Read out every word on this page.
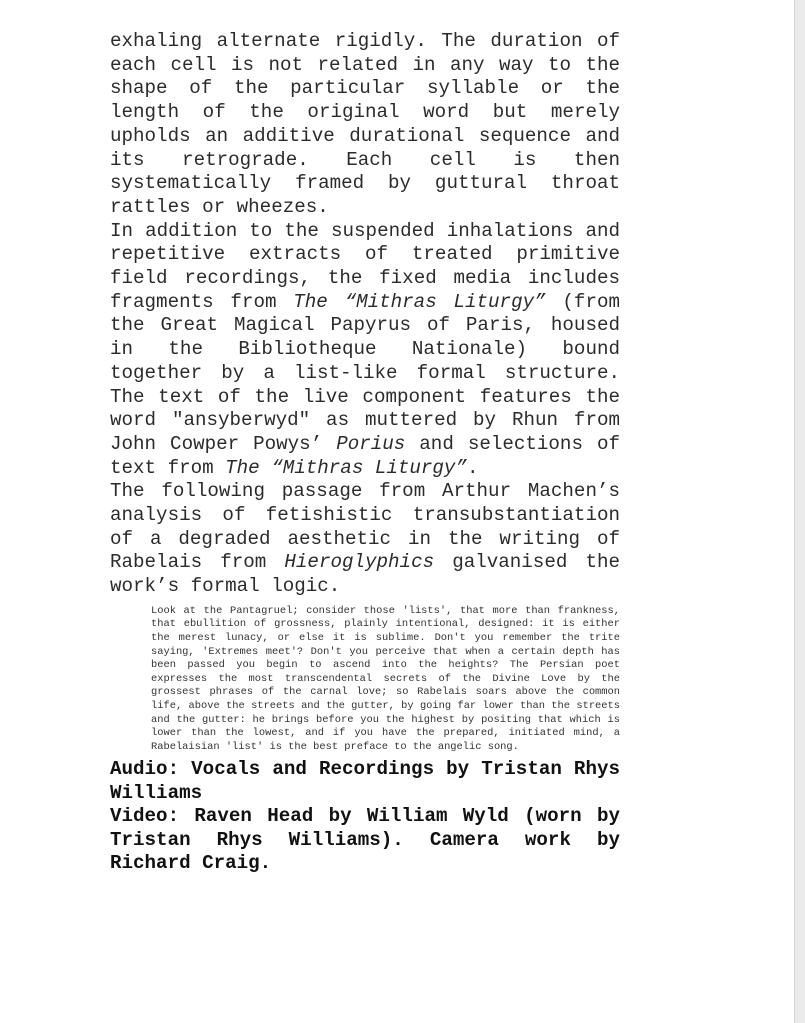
exhaling alternate rigidly. The duration of each cell is not related in any way to the shape of the particular syllable or the length of the original word but merely upholds an additive durational sequence and its retrograde. Each cell is then systematically framed by guttural throat rattles or wheezes.

In addition to the suspended inhalations and repetitive extracts of treated primitive field recordings, the fixed media includes fragments from The “Mithras Liturgy” (from the Great Magical Papyrus of Paris, housed in the Bibliotheque Nationale) bound together by a list-like formal structure. The text of the live component features the word "ansyberwyd" as muttered by Rhun from John Cowper Powys’ Porius and selections of text from The “Mithras Liturgy”.

The following passage from Arthur Machen’s analysis of fetishistic transubstantiation of a degraded aesthetic in the writing of Rabelais from Hieroglyphics galvanised the work’s formal logic.

Look at the Pantagruel; consider those 'lists', that more than frankness, that ebullition of grossness, plainly intentional, designed: it is either the merest lunacy, or else it is sublime. Don't you remember the trite saying, 'Extremes meet'? Don't you perceive that when a certain depth has been passed you begin to ascend into the heights? The Persian poet expresses the most transcendental secrets of the Divine Love by the grossest phrases of the carnal love; so Rabelais soars above the common life, above the streets and the gutter, by going far lower than the streets and the gutter: he brings before you the highest by positing that which is lower than the lowest, and if you have the prepared, initiated mind, a Rabelaisian 'list' is the best preface to the angelic song.

Audio: Vocals and Recordings by Tristan Rhys Williams

Video: Raven Head by William Wyld (worn by Tristan Rhys Williams). Camera work by Richard Craig.
